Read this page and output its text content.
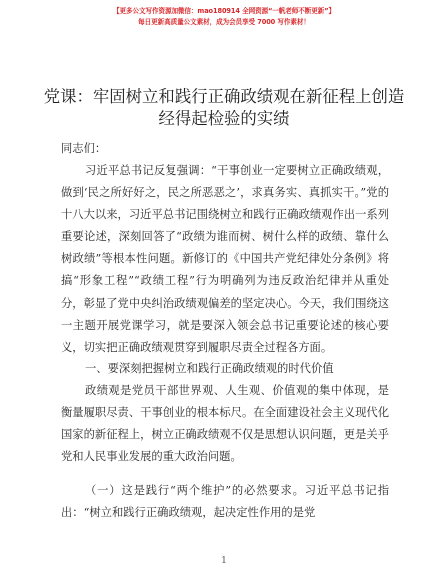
【更多公文写作资源加微信：mao180914 全网资源“一帆老师不断更新”】
每日更新高质量公文素材，成为会员享受 7000 写作素材！
党课：牢固树立和践行正确政绩观在新征程上创造经得起检验的实绩

同志们：

习近平总书记反复强调：“干事创业一定要树立正确政绩观，做到‘民之所好好之，民之所恶恶之’，求真务实、真抓实干。”党的十八大以来，习近平总书记围绕树立和践行正确政绩观作出一系列重要论述，深刻回答了“政绩为谁而树、树什么样的政绩、靠什么树政绩”等根本性问题。新修订的《中国共产党纪律处分条例》将搞“形象工程”“政绩工程”行为明确列为违反政治纪律并从重处分，彰显了党中央纠治政绩观偏差的坚定决心。今天，我们围绕这一主题开展党课学习，就是要深入领会总书记重要论述的核心要义，切实把正确政绩观贯穿到履职尽责全过程各方面。

一、要深刻把握树立和践行正确政绩观的时代价值

政绩观是党员干部世界观、人生观、价值观的集中体现，是衡量履职尽责、干事创业的根本标尺。在全面建设社会主义现代化国家的新征程上，树立正确政绩观不仅是思想认识问题，更是关乎党和人民事业发展的重大政治问题。

（一）这是践行“两个维护”的必然要求。习近平总书记指出：“树立和践行正确政绩观，起决定性作用的是党

1
